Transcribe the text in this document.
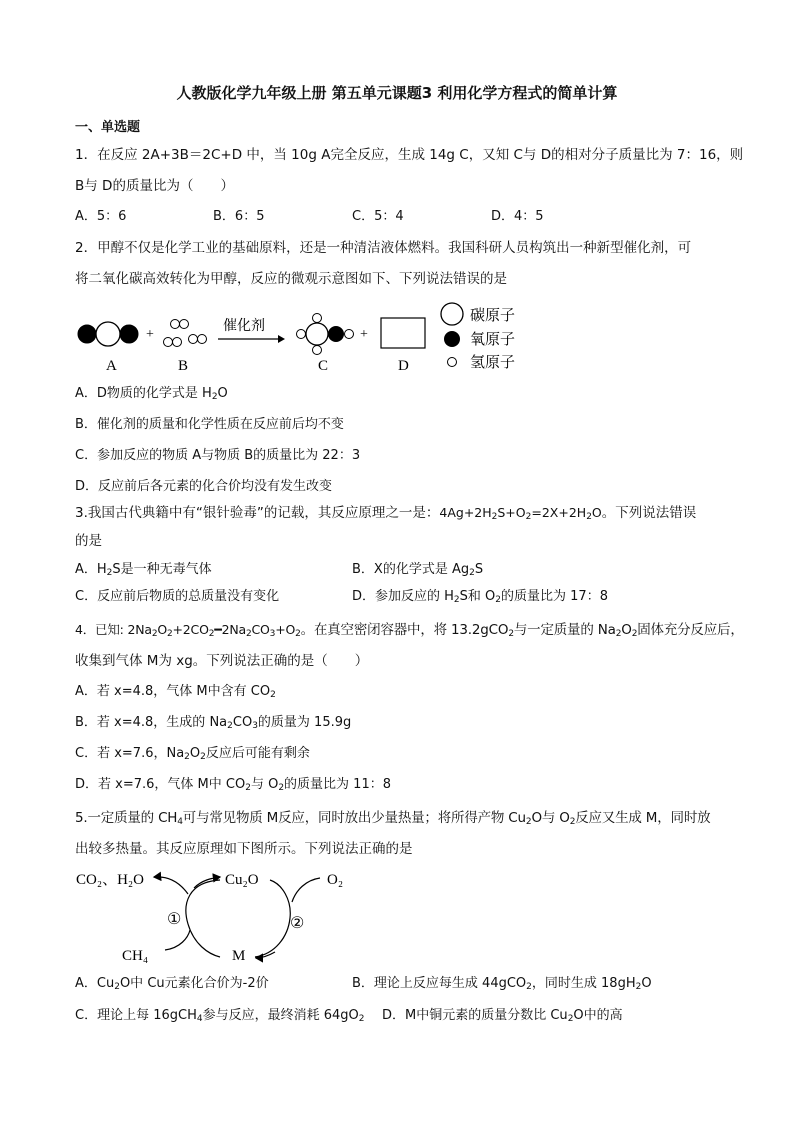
人教版化学九年级上册 第五单元课题3 利用化学方程式的简单计算
一、单选题
1．在反应 2A+3B＝2C+D 中，当 10g A完全反应，生成 14g C，又知 C与 D的相对分子质量比为 7：16，则
B与 D的质量比为（　　）
A．5：6	B．6：5	C．5：4	D．4：5
2．甲醇不仅是化学工业的基础原料，还是一种清洁液体燃料。我国科研人员构筑出一种新型催化剂，可
将二氧化碳高效转化为甲醇，反应的微观示意图如下、下列说法错误的是
A
+
B
催化剂
C
+
D
碳原子
氧原子
氢原子
A．D物质的化学式是 $H_2O$
B．催化剂的质量和化学性质在反应前后均不变
C．参加反应的物质 A与物质 B的质量比为 22：3
D．反应前后各元素的化合价均没有发生改变
3.我国古代典籍中有“银针验毒”的记载，其反应原理之一是：$4Ag+2H_2S+O_2=2X+2H_2O$。下列说法错误
的是
A．$H_2S$是一种无毒气体	B．X的化学式是 $Ag_2S$
C．反应前后物质的总质量没有变化	D．参加反应的 $H_2S$和 $O_2$的质量比为 17：8
4．已知: $2Na_2O_2+2CO_2━2Na_2CO_3+O_2$。在真空密闭容器中，将 13.2gCO$_2$与一定质量的 $Na_2O_2$固体充分反应后，
收集到气体 M为 xg。下列说法正确的是（　　）
A．若 x=4.8，气体 M中含有 $CO_2$
B．若 x=4.8，生成的 $Na_2CO_3$的质量为 15.9g
C．若 x=7.6，$Na_2O_2$反应后可能有剩余
D．若 x=7.6，气体 M中 $CO_2$与 $O_2$的质量比为 11：8
5.一定质量的 $CH_4$可与常见物质 M反应，同时放出少量热量；将所得产物 $Cu_2O$与 $O_2$反应又生成 M，同时放
出较多热量。其反应原理如下图所示。下列说法正确的是
CO₂、H₂O	Cu₂O	O₂
CH₄	M
①	②
A．$Cu_2O$中 Cu元素化合价为-2价	B．理论上反应每生成 44gCO$_2$，同时生成 $18gH_2O$
C．理论上每 16gCH$_4$参与反应，最终消耗 $64gO_2$ D．M中铜元素的质量分数比 $Cu_2O$中的高
